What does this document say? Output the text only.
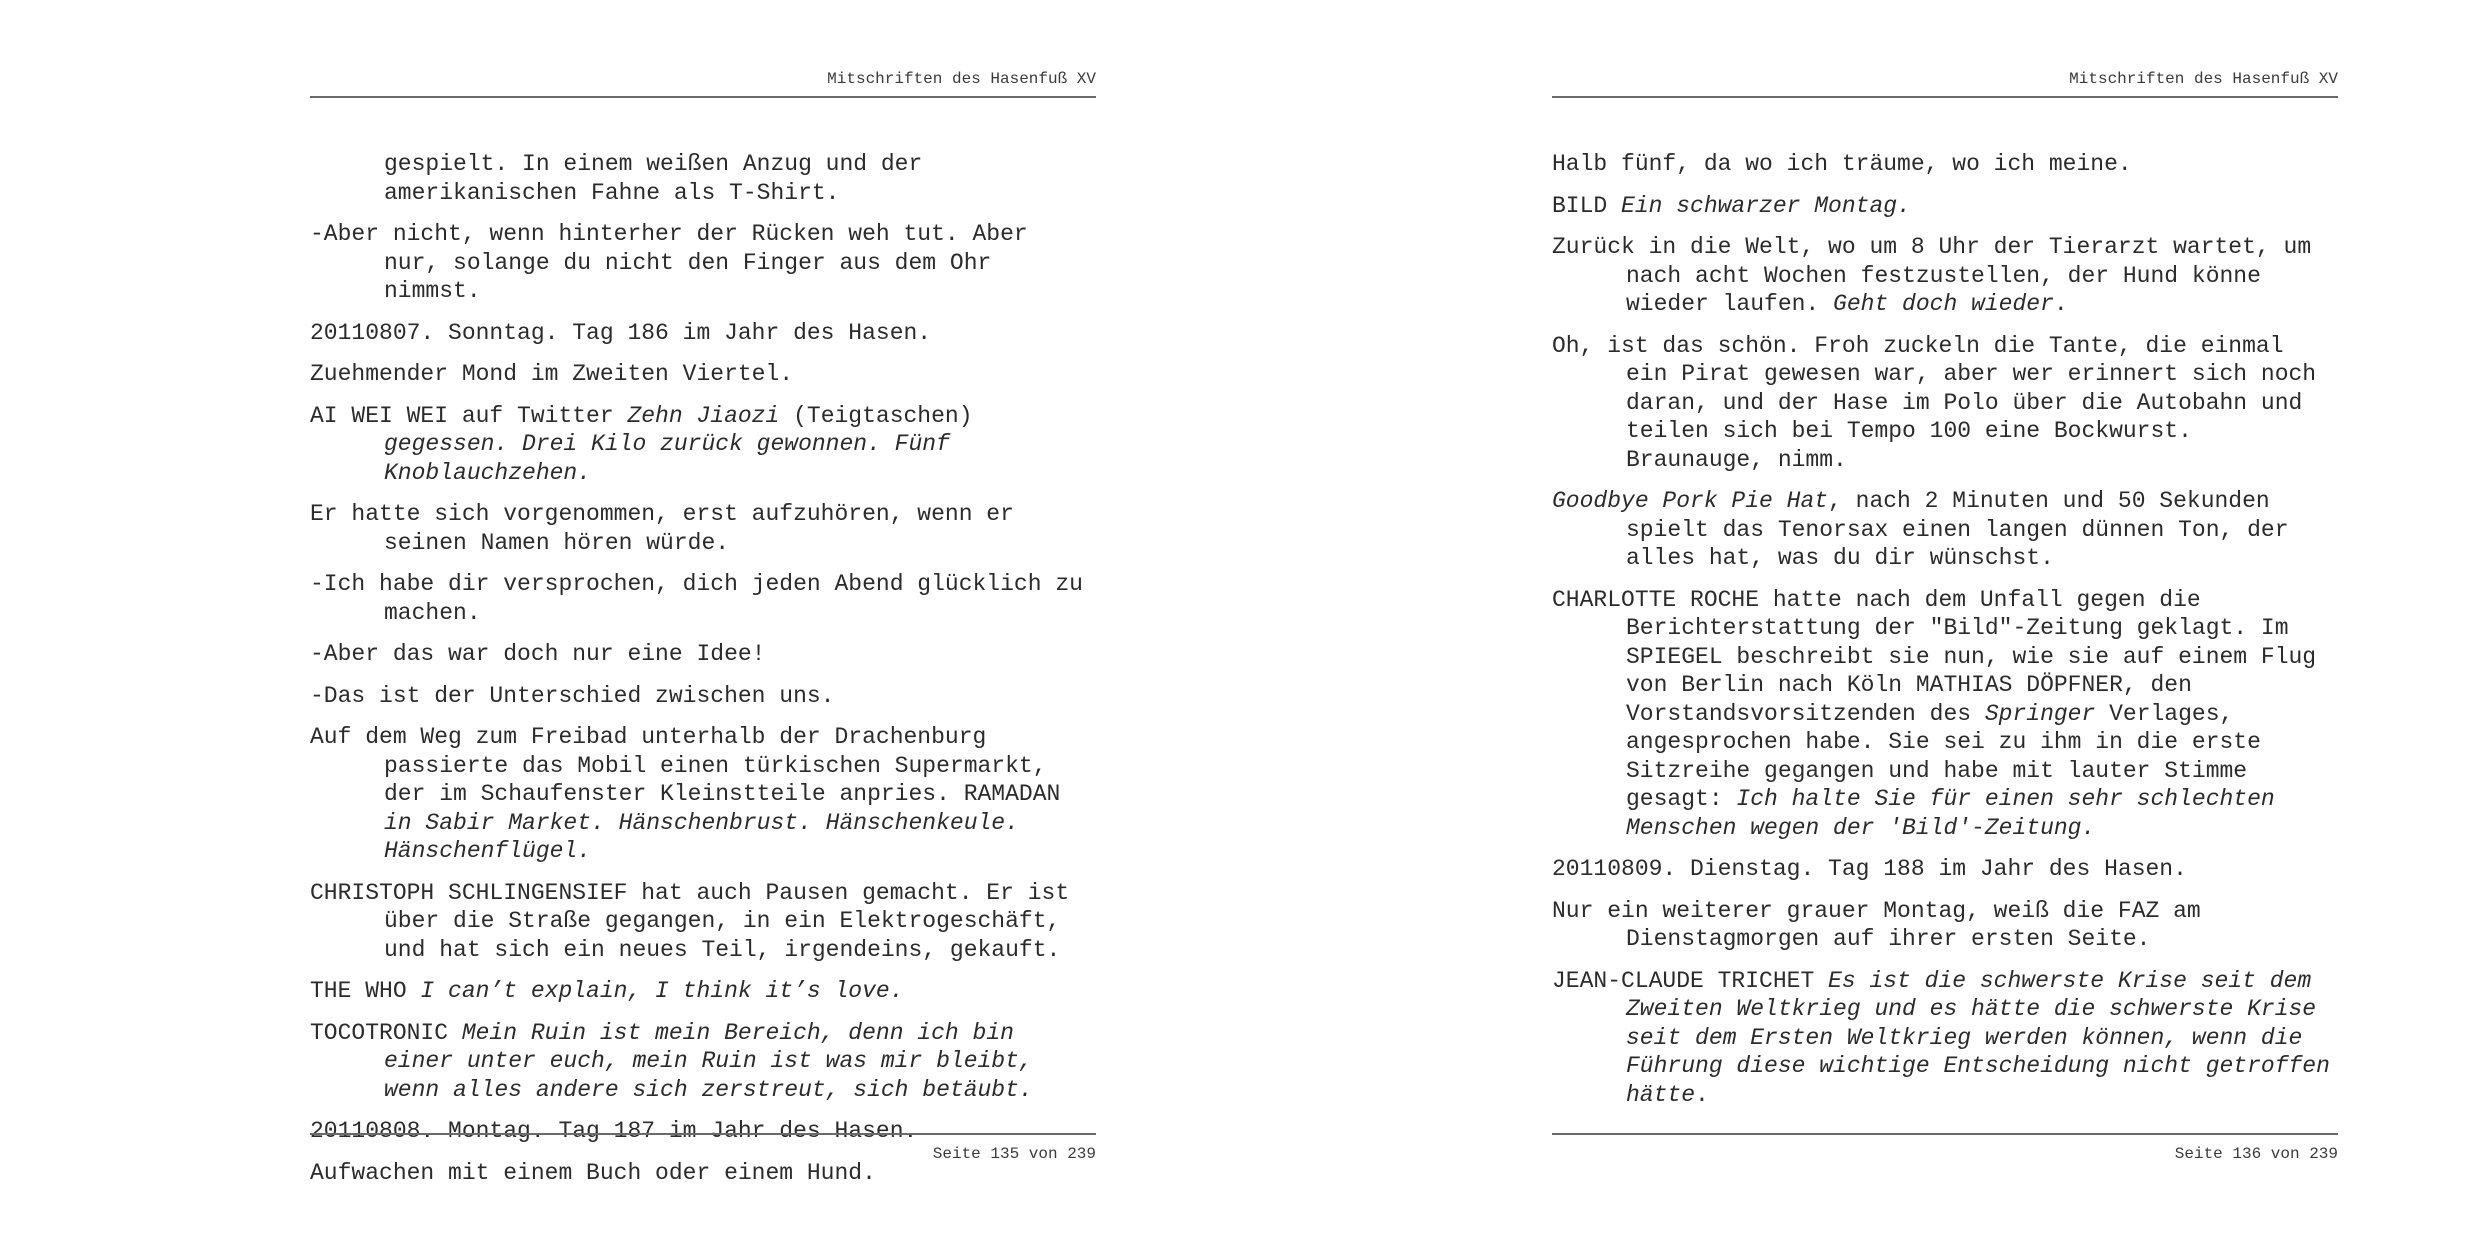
Mitschriften des Hasenfuß XV

gespielt. In einem weißen Anzug und der amerikanischen Fahne als T-Shirt.

-Aber nicht, wenn hinterher der Rücken weh tut. Aber nur, solange du nicht den Finger aus dem Ohr nimmst.

20110807. Sonntag. Tag 186 im Jahr des Hasen.

Zuehmender Mond im Zweiten Viertel.

AI WEI WEI auf Twitter Zehn Jiaozi (Teigtaschen) gegessen. Drei Kilo zurück gewonnen. Fünf Knoblauchzehen.

Er hatte sich vorgenommen, erst aufzuhören, wenn er seinen Namen hören würde.

-Ich habe dir versprochen, dich jeden Abend glücklich zu machen.

-Aber das war doch nur eine Idee!

-Das ist der Unterschied zwischen uns.

Auf dem Weg zum Freibad unterhalb der Drachenburg passierte das Mobil einen türkischen Supermarkt, der im Schaufenster Kleinstteile anpries. RAMADAN in Sabir Market. Hänschenbrust. Hänschenkeule. Hänschenflügel.

CHRISTOPH SCHLINGENSIEF hat auch Pausen gemacht. Er ist über die Straße gegangen, in ein Elektrogeschäft, und hat sich ein neues Teil, irgendeins, gekauft.

THE WHO I can’t explain, I think it’s love.

TOCOTRONIC Mein Ruin ist mein Bereich, denn ich bin einer unter euch, mein Ruin ist was mir bleibt, wenn alles andere sich zerstreut, sich betäubt.

20110808. Montag. Tag 187 im Jahr des Hasen.

Aufwachen mit einem Buch oder einem Hund.

Seite 135 von 239
Mitschriften des Hasenfuß XV

Halb fünf, da wo ich träume, wo ich meine.

BILD Ein schwarzer Montag.

Zurück in die Welt, wo um 8 Uhr der Tierarzt wartet, um nach acht Wochen festzustellen, der Hund könne wieder laufen. Geht doch wieder.

Oh, ist das schön. Froh zuckeln die Tante, die einmal ein Pirat gewesen war, aber wer erinnert sich noch daran, und der Hase im Polo über die Autobahn und teilen sich bei Tempo 100 eine Bockwurst. Braunauge, nimm.

Goodbye Pork Pie Hat, nach 2 Minuten und 50 Sekunden spielt das Tenorsax einen langen dünnen Ton, der alles hat, was du dir wünschst.

CHARLOTTE ROCHE hatte nach dem Unfall gegen die Berichterstattung der "Bild"-Zeitung geklagt. Im SPIEGEL beschreibt sie nun, wie sie auf einem Flug von Berlin nach Köln MATHIAS DÖPFNER, den Vorstandsvorsitzenden des Springer Verlages, angesprochen habe. Sie sei zu ihm in die erste Sitzreihe gegangen und habe mit lauter Stimme gesagt: Ich halte Sie für einen sehr schlechten Menschen wegen der 'Bild'-Zeitung.

20110809. Dienstag. Tag 188 im Jahr des Hasen.

Nur ein weiterer grauer Montag, weiß die FAZ am Dienstagmorgen auf ihrer ersten Seite.

JEAN-CLAUDE TRICHET Es ist die schwerste Krise seit dem Zweiten Weltkrieg und es hätte die schwerste Krise seit dem Ersten Weltkrieg werden können, wenn die Führung diese wichtige Entscheidung nicht getroffen hätte.

Seite 136 von 239
